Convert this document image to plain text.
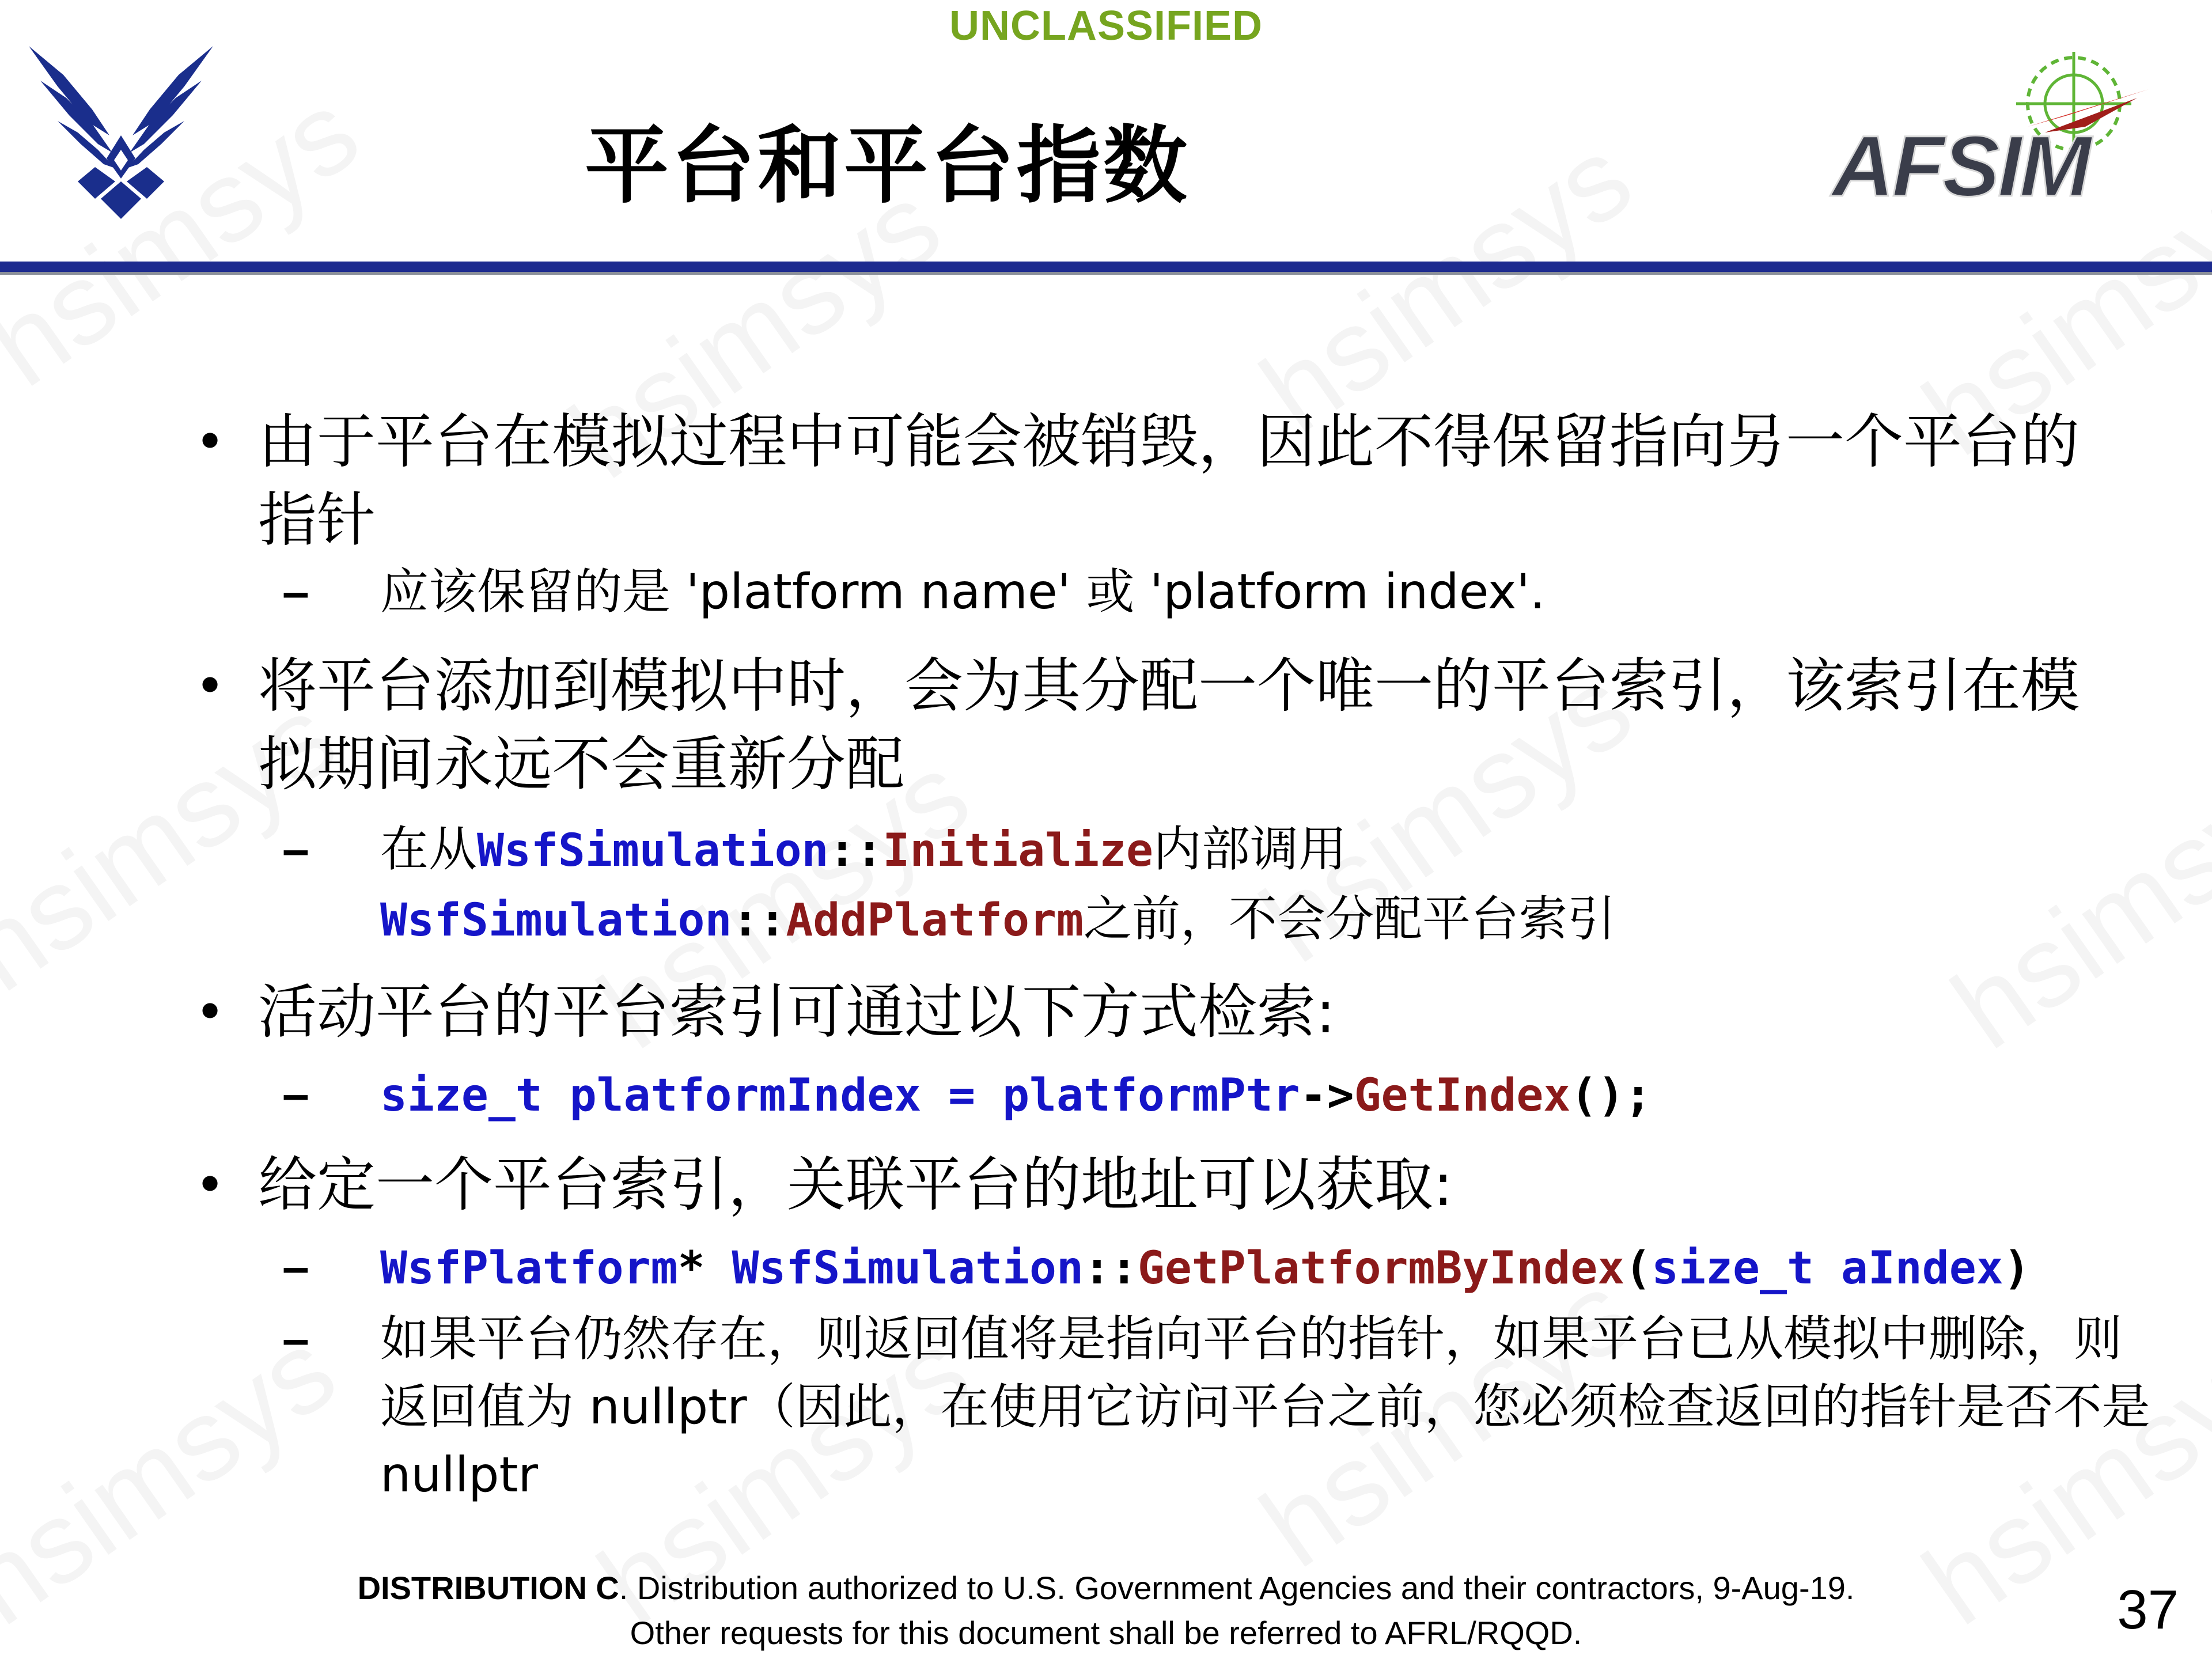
UNCLASSIFIED
平台和平台指数	AFSIM
• 由于平台在模拟过程中可能会被销毁，因此不得保留指向另一个平台的指针
– 应该保留的是 'platform name' 或 'platform index'.
• 将平台添加到模拟中时，会为其分配一个唯一的平台索引，该索引在模拟期间永远不会重新分配
– 在从WsfSimulation::Initialize内部调用
WsfSimulation::AddPlatform之前，不会分配平台索引
• 活动平台的平台索引可通过以下方式检索:
– size_t platformIndex = platformPtr->GetIndex();
• 给定一个平台索引，关联平台的地址可以获取:
– WsfPlatform* WsfSimulation::GetPlatformByIndex(size_t aIndex)
– 如果平台仍然存在，则返回值将是指向平台的指针，如果平台已从模拟中删除，则返回值为 nullptr（因此，在使用它访问平台之前，您必须检查返回的指针是否不是 nullptr
DISTRIBUTION C. Distribution authorized to U.S. Government Agencies and their contractors, 9-Aug-19.
Other requests for this document shall be referred to AFRL/RQQD.	37
